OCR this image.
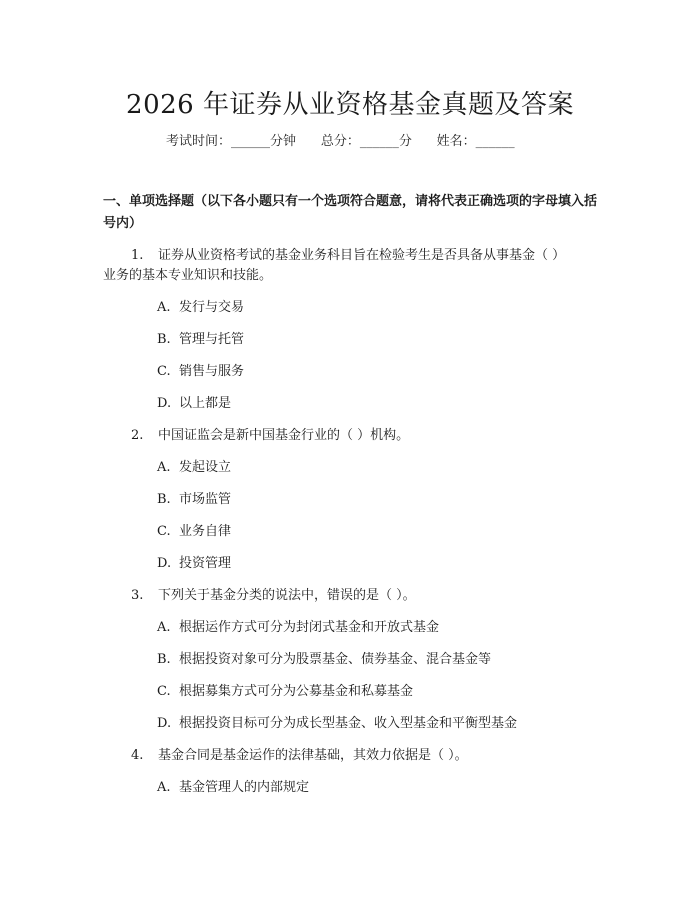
2026 年证券从业资格基金真题及答案
考试时间：______分钟 总分：______分 姓名：______
一、单项选择题（以下各小题只有一个选项符合题意，请将代表正确选项的字母填入括号内）
1. 证券从业资格考试的基金业务科目旨在检验考生是否具备从事基金（ ）
业务的基本专业知识和技能。
A. 发行与交易
B. 管理与托管
C. 销售与服务
D. 以上都是
2. 中国证监会是新中国基金行业的（ ）机构。
A. 发起设立
B. 市场监管
C. 业务自律
D. 投资管理
3. 下列关于基金分类的说法中，错误的是（ ）。
A. 根据运作方式可分为封闭式基金和开放式基金
B. 根据投资对象可分为股票基金、债券基金、混合基金等
C. 根据募集方式可分为公募基金和私募基金
D. 根据投资目标可分为成长型基金、收入型基金和平衡型基金
4. 基金合同是基金运作的法律基础，其效力依据是（ ）。
A. 基金管理人的内部规定
